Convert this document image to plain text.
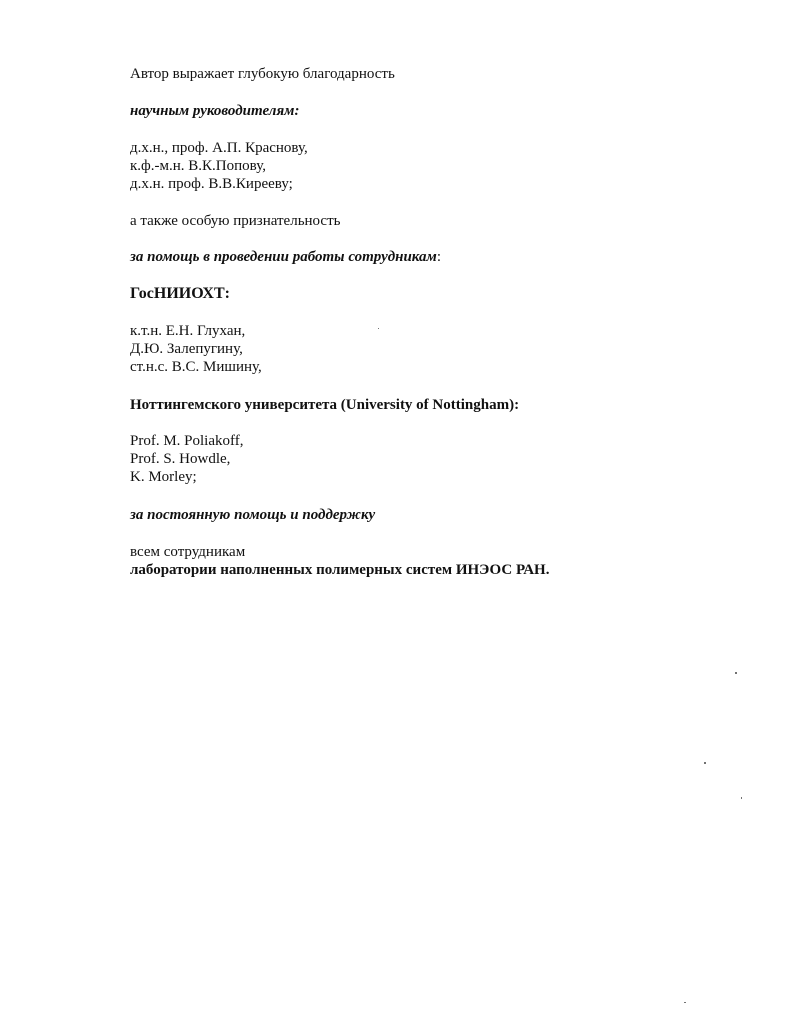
Автор выражает глубокую благодарность

научным руководителям:

д.х.н., проф. А.П. Краснову,

к.ф.-м.н. В.К.Попову,

д.х.н. проф. В.В.Кирееву;

а также особую признательность

за помощь в проведении работы сотрудникам:

ГосНИИОХТ:

к.т.н. Е.Н. Глухан,

Д.Ю. Залепугину,

ст.н.с. В.С. Мишину,

Ноттингемского университета (University of Nottingham):

Prof. M. Poliakoff,

Prof. S. Howdle,

K. Morley;

за постоянную помощь и поддержку

всем сотрудникам

лаборатории наполненных полимерных систем ИНЭОС РАН.
